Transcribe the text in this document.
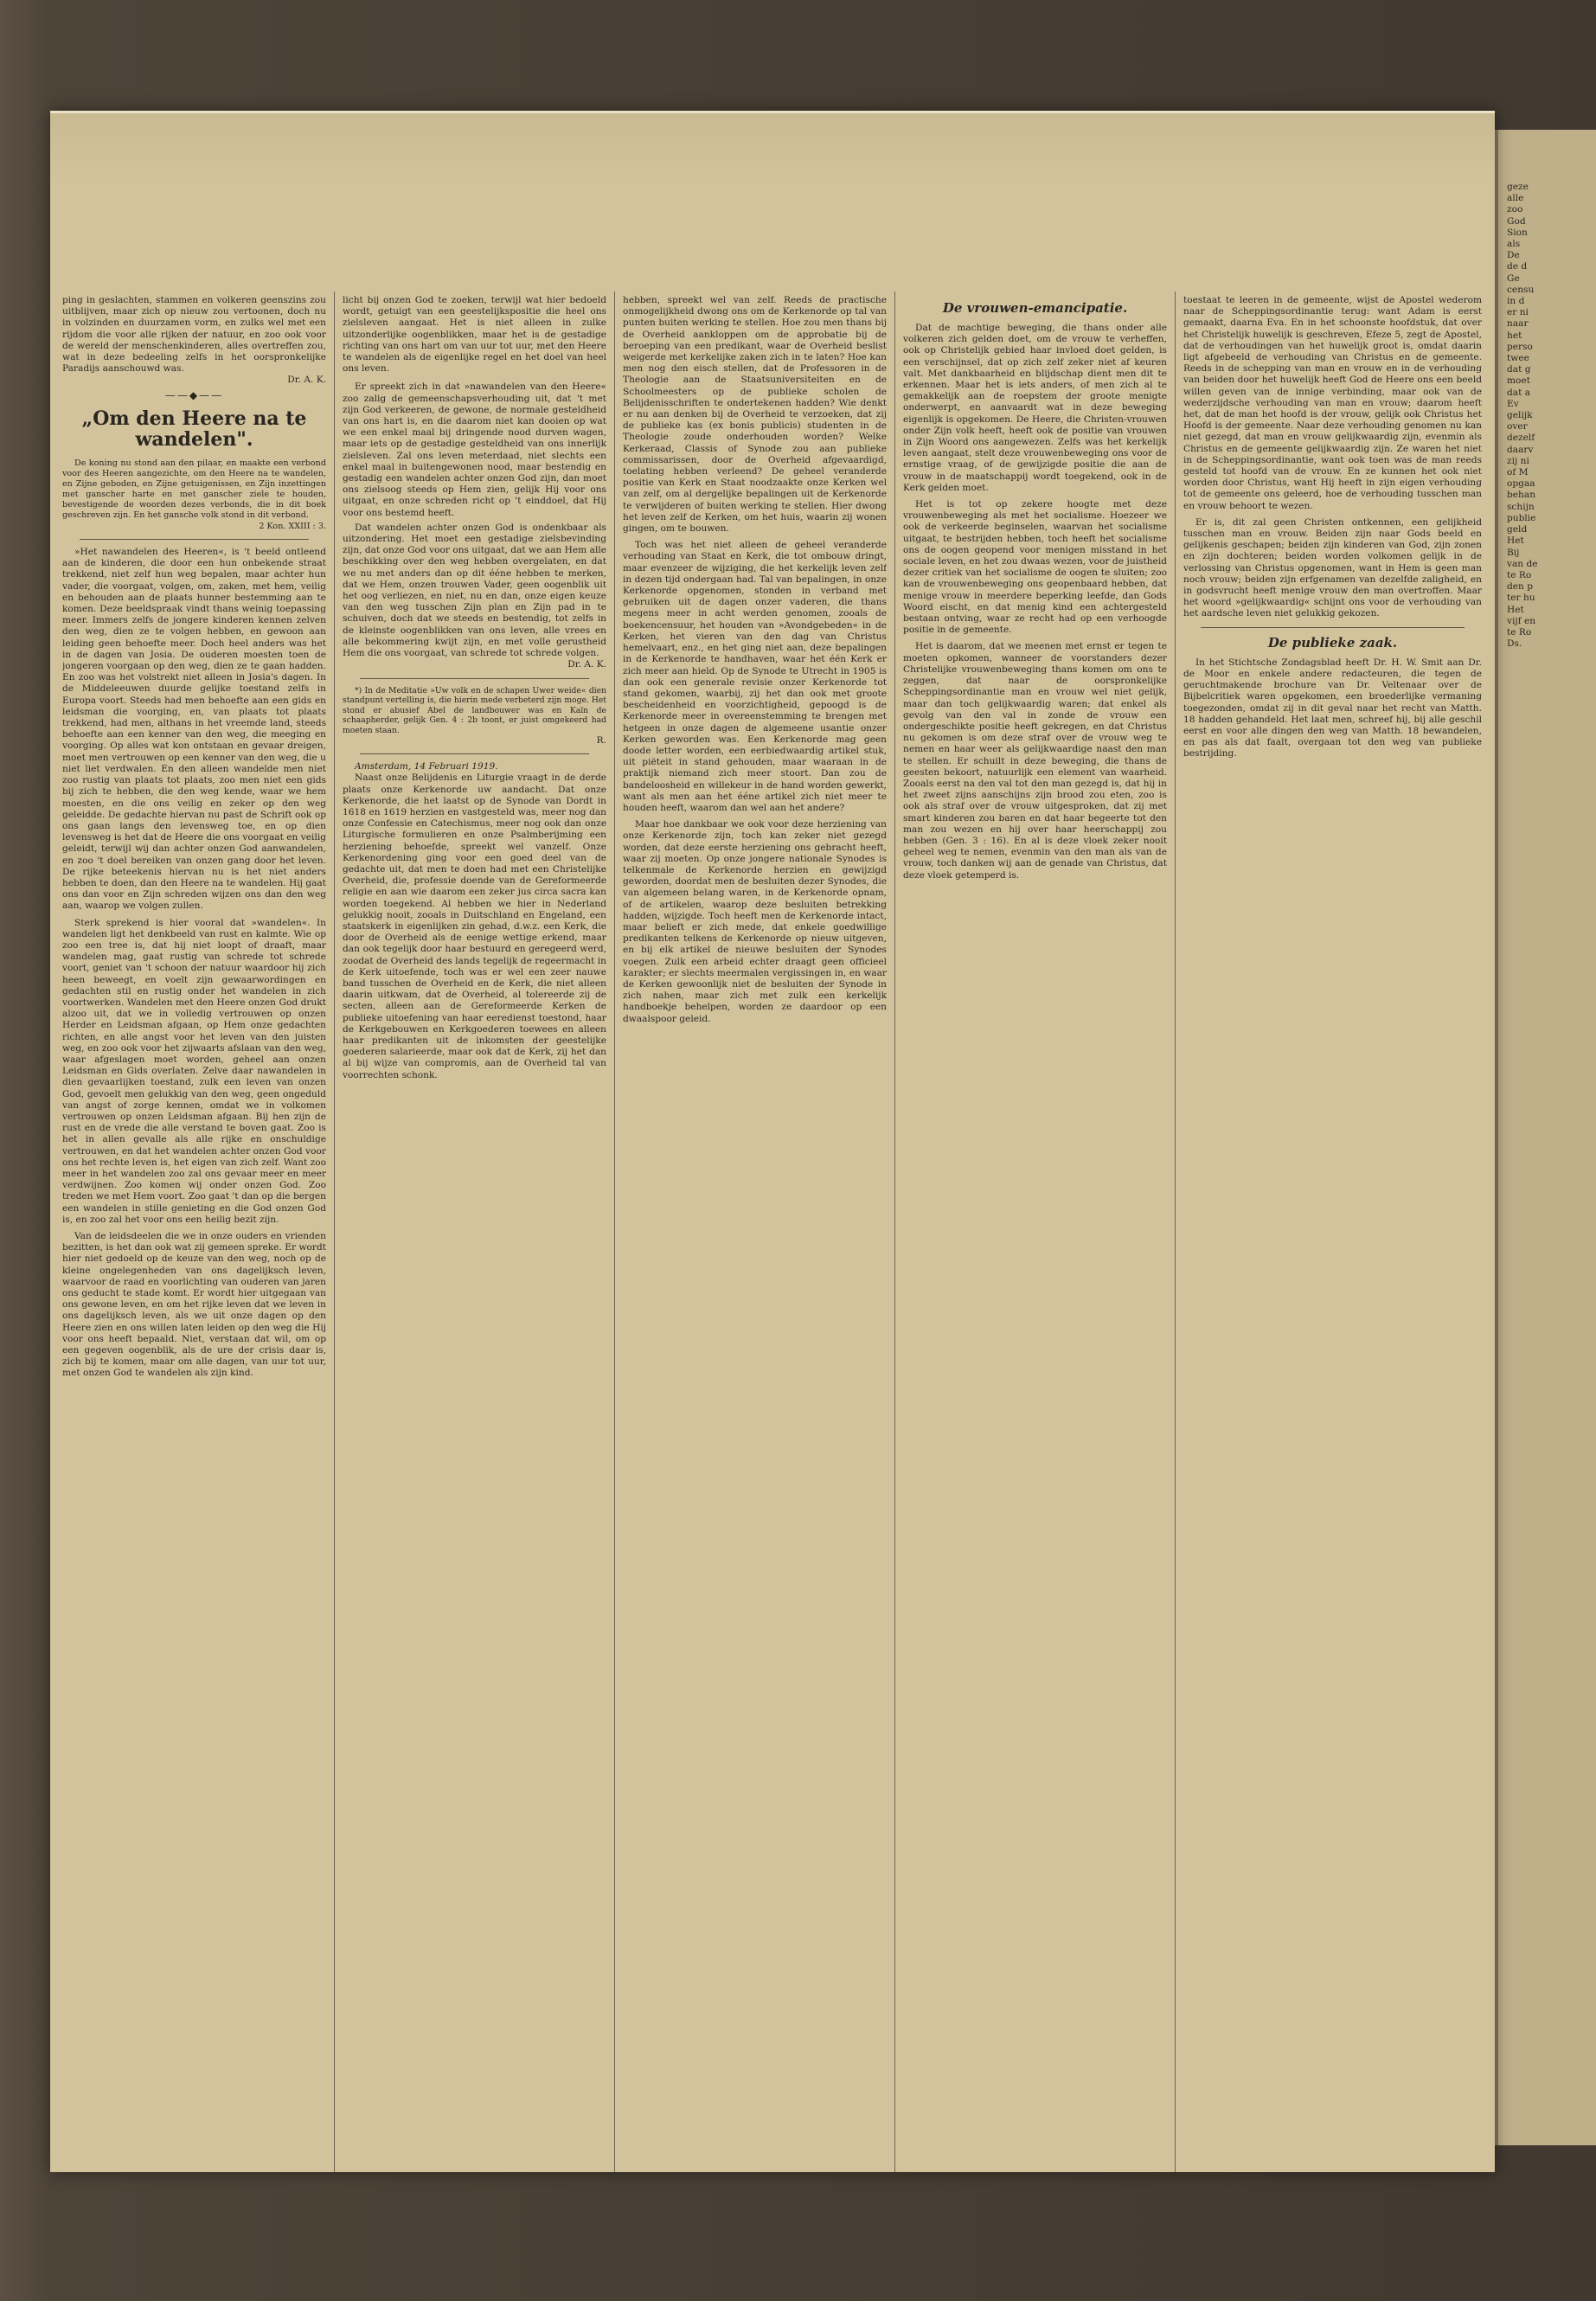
geze
alle
zoo
God
Sion
als
De
de d
Ge
censu
in d
er ni
naar
het
perso
twee
dat g
moet
dat a
Ev
gelijk
over
dezelf
daarv
zij ni
of M
opgaa
behan
schijn
publie
geld
Het
Bij
van de
te Ro
den p
ter hu
Het
vijf en
te Ro
Ds.

ping in geslachten, stammen en volkeren geenszins zou uitblijven, maar zich op nieuw zou vertoonen, doch nu in volzinden en duurzamen vorm, en zulks wel met een rijdom die voor alle rijken der natuur, en zoo ook voor de wereld der menschenkinderen, alles overtreffen zou, wat in deze bedeeling zelfs in het oorspronkelijke Paradijs aanschouwd was.

Dr. A. K.

——◆——
„Om den Heere na te wandelen".

De koning nu stond aan den pilaar, en maakte een verbond voor des Heeren aangezichte, om den Heere na te wandelen, en Zijne geboden, en Zijne getuigenissen, en Zijn inzettingen met ganscher harte en met ganscher ziele te houden, bevestigende de woorden dezes verbonds, die in dit boek geschreven zijn. En het gansche volk stond in dit verbond.

2 Kon. XXIII : 3.

»Het nawandelen des Heeren«, is 't beeld ontleend aan de kinderen, die door een hun onbekende straat trekkend, niet zelf hun weg bepalen, maar achter hun vader, die voorgaat, volgen, om, zaken, met hem, veilig en behouden aan de plaats hunner bestemming aan te komen. Deze beeldspraak vindt thans weinig toepassing meer. Immers zelfs de jongere kinderen kennen zelven den weg, dien ze te volgen hebben, en gewoon aan leiding geen behoefte meer. Doch heel anders was het in de dagen van Josia. De ouderen moesten toen de jongeren voorgaan op den weg, dien ze te gaan hadden. En zoo was het volstrekt niet alleen in Josia's dagen. In de Middeleeuwen duurde gelijke toestand zelfs in Europa voort. Steeds had men behoefte aan een gids en leidsman die voorging, en, van plaats tot plaats trekkend, had men, althans in het vreemde land, steeds behoefte aan een kenner van den weg, die meeging en voorging. Op alles wat kon ontstaan en gevaar dreigen, moet men vertrouwen op een kenner van den weg, die u niet liet verdwalen. En den alleen wandelde men niet zoo rustig van plaats tot plaats, zoo men niet een gids bij zich te hebben, die den weg kende, waar we hem moesten, en die ons veilig en zeker op den weg geleidde. De gedachte hiervan nu past de Schrift ook op ons gaan langs den levensweg toe, en op dien levensweg is het dat de Heere die ons voorgaat en veilig geleidt, terwijl wij dan achter onzen God aanwandelen, en zoo 't doel bereiken van onzen gang door het leven. De rijke beteekenis hiervan nu is het niet anders hebben te doen, dan den Heere na te wandelen. Hij gaat ons dan voor en Zijn schreden wijzen ons dan den weg aan, waarop we volgen zullen.

Sterk sprekend is hier vooral dat »wandelen«. In wandelen ligt het denkbeeld van rust en kalmte. Wie op zoo een tree is, dat hij niet loopt of draaft, maar wandelen mag, gaat rustig van schrede tot schrede voort, geniet van 't schoon der natuur waardoor hij zich heen beweegt, en voelt zijn gewaarwordingen en gedachten stil en rustig onder het wandelen in zich voortwerken. Wandelen met den Heere onzen God drukt alzoo uit, dat we in volledig vertrouwen op onzen Herder en Leidsman afgaan, op Hem onze gedachten richten, en alle angst voor het leven van den juisten weg, en zoo ook voor het zijwaarts afslaan van den weg, waar afgeslagen moet worden, geheel aan onzen Leidsman en Gids overlaten. Zelve daar nawandelen in dien gevaarlijken toestand, zulk een leven van onzen God, gevoelt men gelukkig van den weg, geen ongeduld van angst of zorge kennen, omdat we in volkomen vertrouwen op onzen Leidsman afgaan. Bij hen zijn de rust en de vrede die alle verstand te boven gaat. Zoo is het in allen gevalle als alle rijke en onschuldige vertrouwen, en dat het wandelen achter onzen God voor ons het rechte leven is, het eigen van zich zelf. Want zoo meer in het wandelen zoo zal ons gevaar meer en meer verdwijnen. Zoo komen wij onder onzen God. Zoo treden we met Hem voort. Zoo gaat 't dan op die bergen een wandelen in stille genieting en die God onzen God is, en zoo zal het voor ons een heilig bezit zijn.

Van de leidsdeelen die we in onze ouders en vrienden bezitten, is het dan ook wat zij gemeen spreke. Er wordt hier niet gedoeld op de keuze van den weg, noch op de kleine ongelegenheden van ons dagelijksch leven, waarvoor de raad en voorlichting van ouderen van jaren ons geducht te stade komt. Er wordt hier uitgegaan van ons gewone leven, en om het rijke leven dat we leven in ons dagelijksch leven, als we uit onze dagen op den Heere zien en ons willen laten leiden op den weg die Hij voor ons heeft bepaald. Niet, verstaan dat wil, om op een gegeven oogenblik, als de ure der crisis daar is, zich bij te komen, maar om alle dagen, van uur tot uur, met onzen God te wandelen als zijn kind.

licht bij onzen God te zoeken, terwijl wat hier bedoeld wordt, getuigt van een geestelijkspositie die heel ons zielsleven aangaat. Het is niet alleen in zulke uitzonderlijke oogenblikken, maar het is de gestadige richting van ons hart om van uur tot uur, met den Heere te wandelen als de eigenlijke regel en het doel van heel ons leven.

Er spreekt zich in dat »nawandelen van den Heere« zoo zalig de gemeenschapsverhouding uit, dat 't met zijn God verkeeren, de gewone, de normale gesteldheid van ons hart is, en die daarom niet kan dooien op wat we een enkel maal bij dringende nood durven wagen, maar iets op de gestadige gesteldheid van ons innerlijk zielsleven. Zal ons leven meterdaad, niet slechts een enkel maal in buitengewonen nood, maar bestendig en gestadig een wandelen achter onzen God zijn, dan moet ons zielsoog steeds op Hem zien, gelijk Hij voor ons uitgaat, en onze schreden richt op 't einddoel, dat Hij voor ons bestemd heeft.

Dat wandelen achter onzen God is ondenkbaar als uitzondering. Het moet een gestadige zielsbevinding zijn, dat onze God voor ons uitgaat, dat we aan Hem alle beschikking over den weg hebben overgelaten, en dat we nu met anders dan op dit ééne hebben te merken, dat we Hem, onzen trouwen Vader, geen oogenblik uit het oog verliezen, en niet, nu en dan, onze eigen keuze van den weg tusschen Zijn plan en Zijn pad in te schuiven, doch dat we steeds en bestendig, tot zelfs in de kleinste oogenblikken van ons leven, alle vrees en alle bekommering kwijt zijn, en met volle gerustheid Hem die ons voorgaat, van schrede tot schrede volgen.

Dr. A. K.

*) In de Meditatie »Uw volk en de schapen Uwer weide« dien standpunt vertelling is, die hierin mede verbeterd zijn moge. Het stond er abusief Abel de landbouwer was en Kaïn de schaapherder, gelijk Gen. 4 : 2b toont, er juist omgekeerd had moeten staan.

R.

Amsterdam, 14 Februari 1919.

Naast onze Belijdenis en Liturgie vraagt in de derde plaats onze Kerkenorde uw aandacht. Dat onze Kerkenorde, die het laatst op de Synode van Dordt in 1618 en 1619 herzien en vastgesteld was, meer nog dan onze Confessie en Catechismus, meer nog ook dan onze Liturgische formulieren en onze Psalmberijming een herziening behoefde, spreekt wel vanzelf. Onze Kerkenordening ging voor een goed deel van de gedachte uit, dat men te doen had met een Christelijke Overheid, die, professie doende van de Gereformeerde religie en aan wie daarom een zeker jus circa sacra kan worden toegekend. Al hebben we hier in Nederland gelukkig nooit, zooals in Duitschland en Engeland, een staatskerk in eigenlijken zin gehad, d.w.z. een Kerk, die door de Overheid als de eenige wettige erkend, maar dan ook tegelijk door haar bestuurd en geregeerd werd, zoodat de Overheid des lands tegelijk de regeermacht in de Kerk uitoefende, toch was er wel een zeer nauwe band tusschen de Overheid en de Kerk, die niet alleen daarin uitkwam, dat de Overheid, al tolereerde zij de secten, alleen aan de Gereformeerde Kerken de publieke uitoefening van haar eeredienst toestond, haar de Kerkgebouwen en Kerkgoederen toewees en alleen haar predikanten uit de inkomsten der geestelijke goederen salarieerde, maar ook dat de Kerk, zij het dan al bij wijze van compromis, aan de Overheid tal van voorrechten schonk.

hebben, spreekt wel van zelf. Reeds de practische onmogelijkheid dwong ons om de Kerkenorde op tal van punten buiten werking te stellen. Hoe zou men thans bij de Overheid aankloppen om de approbatie bij de beroeping van een predikant, waar de Overheid beslist weigerde met kerkelijke zaken zich in te laten? Hoe kan men nog den eisch stellen, dat de Professoren in de Theologie aan de Staatsuniversiteiten en de Schoolmeesters op de publieke scholen de Belijdenisschriften te ondertekenen hadden? Wie denkt er nu aan denken bij de Overheid te verzoeken, dat zij de publieke kas (ex bonis publicis) studenten in de Theologie zoude onderhouden worden? Welke Kerkeraad, Classis of Synode zou aan publieke commissarissen, door de Overheid afgevaardigd, toelating hebben verleend? De geheel veranderde positie van Kerk en Staat noodzaakte onze Kerken wel van zelf, om al dergelijke bepalingen uit de Kerkenorde te verwijderen of buiten werking te stellen. Hier dwong het leven zelf de Kerken, om het huis, waarin zij wonen gingen, om te bouwen.

Toch was het niet alleen de geheel veranderde verhouding van Staat en Kerk, die tot ombouw dringt, maar evenzeer de wijziging, die het kerkelijk leven zelf in dezen tijd ondergaan had. Tal van bepalingen, in onze Kerkenorde opgenomen, stonden in verband met gebruiken uit de dagen onzer vaderen, die thans megens meer in acht werden genomen, zooals de boekencensuur, het houden van »Avondgebeden« in de Kerken, het vieren van den dag van Christus hemelvaart, enz., en het ging niet aan, deze bepalingen in de Kerkenorde te handhaven, waar het één Kerk er zich meer aan hield. Op de Synode te Utrecht in 1905 is dan ook een generale revisie onzer Kerkenorde tot stand gekomen, waarbij, zij het dan ook met groote bescheidenheid en voorzichtigheid, gepoogd is de Kerkenorde meer in overeenstemming te brengen met hetgeen in onze dagen de algemeene usantie onzer Kerken geworden was. Een Kerkenorde mag geen doode letter worden, een eerbiedwaardig artikel stuk, uit piëteit in stand gehouden, maar waaraan in de praktijk niemand zich meer stoort. Dan zou de bandeloosheid en willekeur in de hand worden gewerkt, want als men aan het ééne artikel zich niet meer te houden heeft, waarom dan wel aan het andere?

Maar hoe dankbaar we ook voor deze herziening van onze Kerkenorde zijn, toch kan zeker niet gezegd worden, dat deze eerste herziening ons gebracht heeft, waar zij moeten. Op onze jongere nationale Synodes is telkenmale de Kerkenorde herzien en gewijzigd geworden, doordat men de besluiten dezer Synodes, die van algemeen belang waren, in de Kerkenorde opnam, of de artikelen, waarop deze besluiten betrekking hadden, wijzigde. Toch heeft men de Kerkenorde intact, maar belieft er zich mede, dat enkele goedwillige predikanten telkens de Kerkenorde op nieuw uitgeven, en bij elk artikel de nieuwe besluiten der Synodes voegen. Zulk een arbeid echter draagt geen officieel karakter; er slechts meermalen vergissingen in, en waar de Kerken gewoonlijk niet de besluiten der Synode in zich nahen, maar zich met zulk een kerkelijk handboekje behelpen, worden ze daardoor op een dwaalspoor geleid.

De vrouwen-emancipatie.

Dat de machtige beweging, die thans onder alle volkeren zich gelden doet, om de vrouw te verheffen, ook op Christelijk gebied haar invloed doet gelden, is een verschijnsel, dat op zich zelf zeker niet af keuren valt. Met dankbaarheid en blijdschap dient men dit te erkennen. Maar het is iets anders, of men zich al te gemakkelijk aan de roepstem der groote menigte onderwerpt, en aanvaardt wat in deze beweging eigenlijk is opgekomen. De Heere, die Christen-vrouwen onder Zijn volk heeft, heeft ook de positie van vrouwen in Zijn Woord ons aangewezen. Zelfs was het kerkelijk leven aangaat, stelt deze vrouwenbeweging ons voor de ernstige vraag, of de gewijzigde positie die aan de vrouw in de maatschappij wordt toegekend, ook in de Kerk gelden moet.

Het is tot op zekere hoogte met deze vrouwenbeweging als met het socialisme. Hoezeer we ook de verkeerde beginselen, waarvan het socialisme uitgaat, te bestrijden hebben, toch heeft het socialisme ons de oogen geopend voor menigen misstand in het sociale leven, en het zou dwaas wezen, voor de juistheid dezer critiek van het socialisme de oogen te sluiten; zoo kan de vrouwenbeweging ons geopenbaard hebben, dat menige vrouw in meerdere beperking leefde, dan Gods Woord eischt, en dat menig kind een achtergesteld bestaan ontving, waar ze recht had op een verhoogde positie in de gemeente.

Het is daarom, dat we meenen met ernst er tegen te moeten opkomen, wanneer de voorstanders dezer Christelijke vrouwenbeweging thans komen om ons te zeggen, dat naar de oorspronkelijke Scheppingsordinantie man en vrouw wel niet gelijk, maar dan toch gelijkwaardig waren; dat enkel als gevolg van den val in zonde de vrouw een ondergeschikte positie heeft gekregen, en dat Christus nu gekomen is om deze straf over de vrouw weg te nemen en haar weer als gelijkwaardige naast den man te stellen. Er schuilt in deze beweging, die thans de geesten bekoort, natuurlijk een element van waarheid. Zooals eerst na den val tot den man gezegd is, dat hij in het zweet zijns aanschijns zijn brood zou eten, zoo is ook als straf over de vrouw uitgesproken, dat zij met smart kinderen zou baren en dat haar begeerte tot den man zou wezen en hij over haar heerschappij zou hebben (Gen. 3 : 16). En al is deze vloek zeker nooit geheel weg te nemen, evenmin van den man als van de vrouw, toch danken wij aan de genade van Christus, dat deze vloek getemperd is.

toestaat te leeren in de gemeente, wijst de Apostel wederom naar de Scheppingsordinantie terug: want Adam is eerst gemaakt, daarna Eva. En in het schoonste hoofdstuk, dat over het Christelijk huwelijk is geschreven, Efeze 5, zegt de Apostel, dat de verhoudingen van het huwelijk groot is, omdat daarin ligt afgebeeld de verhouding van Christus en de gemeente. Reeds in de schepping van man en vrouw en in de verhouding van beiden door het huwelijk heeft God de Heere ons een beeld willen geven van de innige verbinding, maar ook van de wederzijdsche verhouding van man en vrouw; daarom heeft het, dat de man het hoofd is der vrouw, gelijk ook Christus het Hoofd is der gemeente. Naar deze verhouding genomen nu kan niet gezegd, dat man en vrouw gelijkwaardig zijn, evenmin als Christus en de gemeente gelijkwaardig zijn. Ze waren het niet in de Scheppingsordinantie, want ook toen was de man reeds gesteld tot hoofd van de vrouw. En ze kunnen het ook niet worden door Christus, want Hij heeft in zijn eigen verhouding tot de gemeente ons geleerd, hoe de verhouding tusschen man en vrouw behoort te wezen.

Er is, dit zal geen Christen ontkennen, een gelijkheid tusschen man en vrouw. Beiden zijn naar Gods beeld en gelijkenis geschapen; beiden zijn kinderen van God, zijn zonen en zijn dochteren; beiden worden volkomen gelijk in de verlossing van Christus opgenomen, want in Hem is geen man noch vrouw; beiden zijn erfgenamen van dezelfde zaligheid, en in godsvrucht heeft menige vrouw den man overtroffen. Maar het woord »gelijkwaardig« schijnt ons voor de verhouding van het aardsche leven niet gelukkig gekozen.

De publieke zaak.

In het Stichtsche Zondagsblad heeft Dr. H. W. Smit aan Dr. de Moor en enkele andere redacteuren, die tegen de geruchtmakende brochure van Dr. Veltenaar over de Bijbelcritiek waren opgekomen, een broederlijke vermaning toegezonden, omdat zij in dit geval naar het recht van Matth. 18 hadden gehandeld. Het laat men, schreef hij, bij alle geschil eerst en voor alle dingen den weg van Matth. 18 bewandelen, en pas als dat faalt, overgaan tot den weg van publieke bestrijding.
